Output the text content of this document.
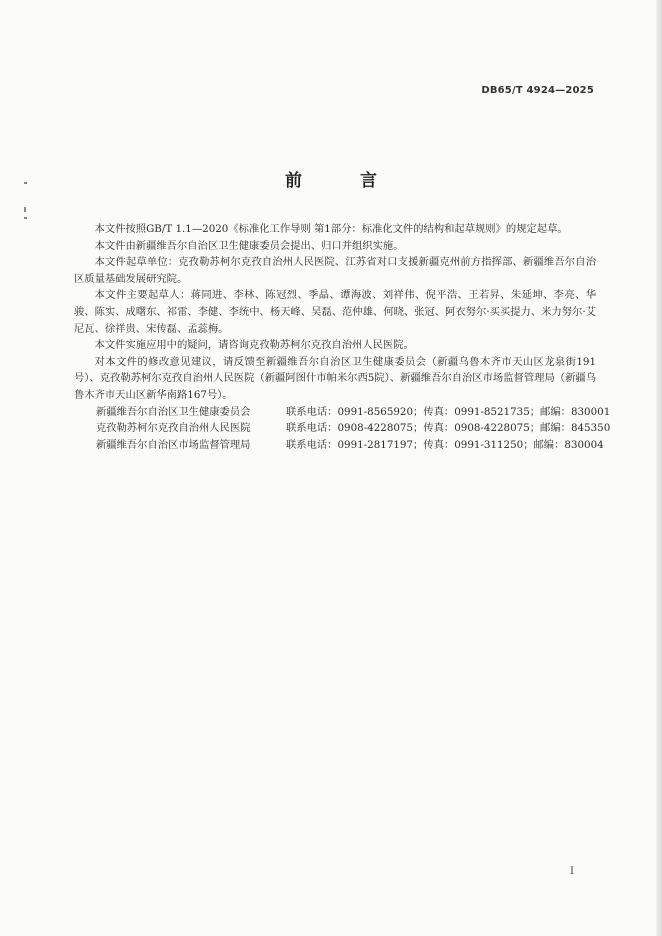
DB65/T 4924—2025
前 言

本文件按照GB/T 1.1—2020《标准化工作导则 第1部分：标准化文件的结构和起草规则》的规定起草。

本文件由新疆维吾尔自治区卫生健康委员会提出、归口并组织实施。

本文件起草单位：克孜勒苏柯尔克孜自治州人民医院、江苏省对口支援新疆克州前方指挥部、新疆维吾尔自治区质量基础发展研究院。

本文件主要起草人：蒋同进、李林、陈冠烈、季晶、谭海波、刘祥伟、倪平浩、王若昇、朱延坤、李亮、华骏、陈实、成曙东、祁雷、李健、李统中、杨天峰、吴磊、范仲雄、何晓、张冠、阿衣努尔·买买提力、米力努尔·艾尼瓦、徐祥贵、宋传磊、孟蕊梅。

本文件实施应用中的疑问，请咨询克孜勒苏柯尔克孜自治州人民医院。

对本文件的修改意见建议，请反馈至新疆维吾尔自治区卫生健康委员会（新疆乌鲁木齐市天山区龙泉街191号）、克孜勒苏柯尔克孜自治州人民医院（新疆阿图什市帕米尔西5院）、新疆维吾尔自治区市场监督管理局（新疆乌鲁木齐市天山区新华南路167号）。

新疆维吾尔自治区卫生健康委员会	联系电话：0991-8565920；传真：0991-8521735；邮编：830001
克孜勒苏柯尔克孜自治州人民医院	联系电话：0908-4228075；传真：0908-4228075；邮编：845350
新疆维吾尔自治区市场监督管理局	联系电话：0991-2817197；传真：0991-311250；邮编：830004
I
